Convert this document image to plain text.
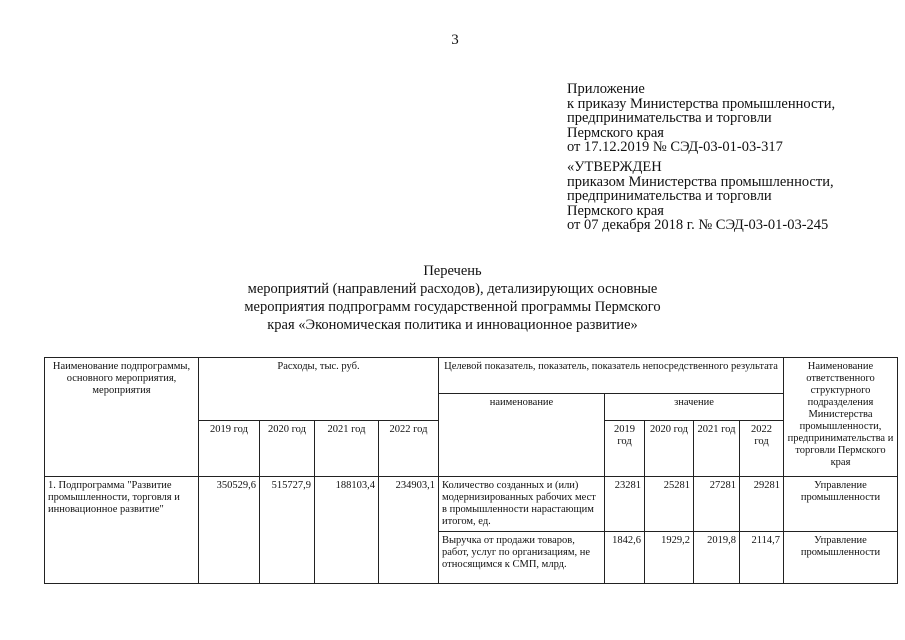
3
Приложение
к приказу Министерства промышленности,
предпринимательства и торговли
Пермского края
от 17.12.2019 № СЭД-03-01-03-317
«УТВЕРЖДЕН
приказом Министерства промышленности,
предпринимательства и торговли
Пермского края
от 07 декабря 2018 г. № СЭД-03-01-03-245
Перечень
мероприятий (направлений расходов), детализирующих основные
мероприятия подпрограмм государственной программы Пермского
края «Экономическая политика и инновационное развитие»
Наименование подпрограммы, основного мероприятия, мероприятия	Расходы, тыс. руб.				Целевой показатель, показатель, показатель непосредственного результата					Наименование ответственного структурного подразделения Министерства промышленности, предпринимательства и торговли Пермского края
					наименование	значение				
	2019 год	2020 год	2021 год	2022 год		2019 год	2020 год	2021 год	2022 год	
1. Подпрограмма "Развитие промышленности, торговля и инновационное развитие"	350529,6	515727,9	188103,4	234903,1	Количество созданных и (или) модернизированных рабочих мест в промышленности нарастающим итогом, ед.	23281	25281	27281	29281	Управление промышленности
					Выручка от продажи товаров, работ, услуг по организациям, не относящимся к СМП, млрд.	1842,6	1929,2	2019,8	2114,7	Управление промышленности
